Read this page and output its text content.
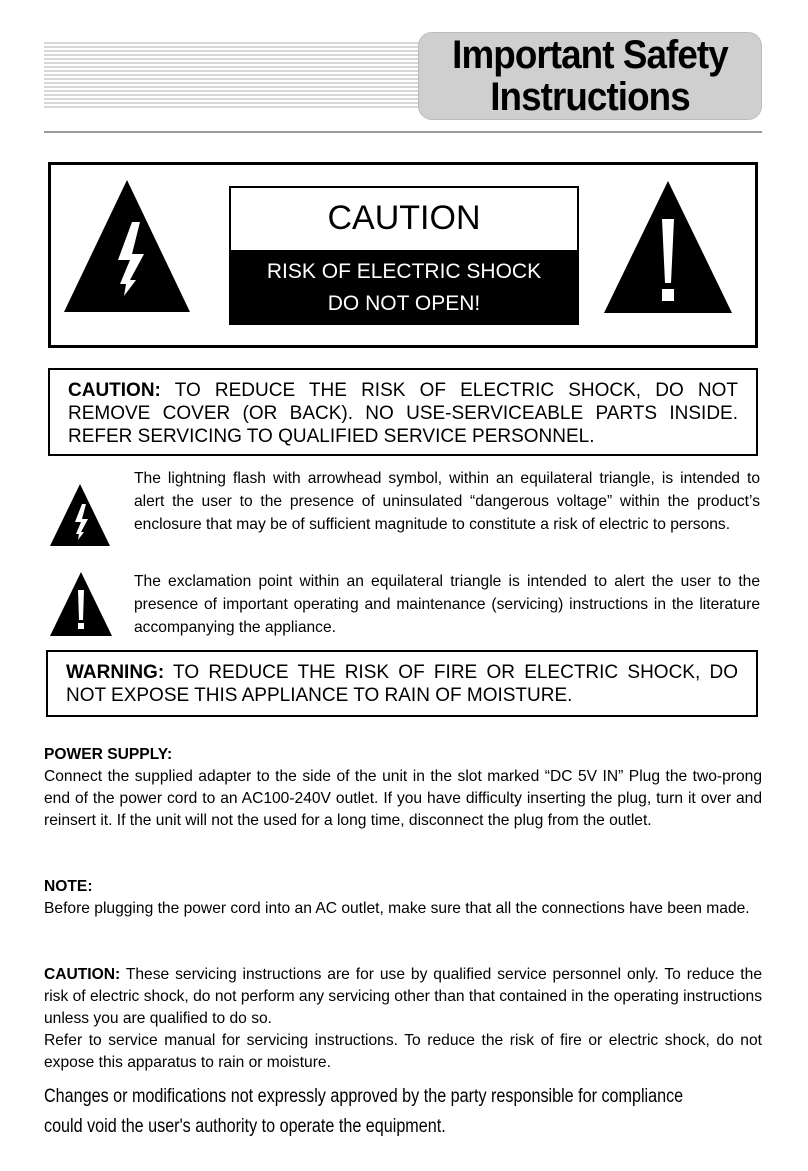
Important Safety
Instructions
CAUTION
RISK OF ELECTRIC SHOCK
DO NOT OPEN!
CAUTION: TO REDUCE THE RISK OF ELECTRIC SHOCK, DO NOT REMOVE COVER (OR BACK). NO USE-SERVICEABLE PARTS INSIDE. REFER SERVICING TO QUALIFIED SERVICE PERSONNEL.
The lightning flash with arrowhead symbol, within an equilateral triangle, is intended to alert the user to the presence of uninsulated “dangerous voltage” within the product’s enclosure that may be of sufficient magnitude to constitute a risk of electric to persons.
The exclamation point within an equilateral triangle is intended to alert the user to the presence of important operating and maintenance (servicing) instructions in the literature accompanying the appliance.
WARNING: TO REDUCE THE RISK OF FIRE OR ELECTRIC SHOCK, DO NOT EXPOSE THIS APPLIANCE TO RAIN OF MOISTURE.
POWER SUPPLY:
Connect the supplied adapter to the side of the unit in the slot marked “DC 5V IN” Plug the two-prong end of the power cord to an AC100-240V outlet. If you have difficulty inserting the plug, turn it over and reinsert it. If the unit will not the used for a long time, disconnect the plug from the outlet.
NOTE:
Before plugging the power cord into an AC outlet, make sure that all the connections have been made.
CAUTION: These servicing instructions are for use by qualified service personnel only. To reduce the risk of electric shock, do not perform any servicing other than that contained in the operating instructions unless you are qualified to do so.
Refer to service manual for servicing instructions. To reduce the risk of fire or electric shock, do not expose this apparatus to rain or moisture.
Changes or modifications not expressly approved by the party responsible for compliance
could void the user's authority to operate the equipment.
